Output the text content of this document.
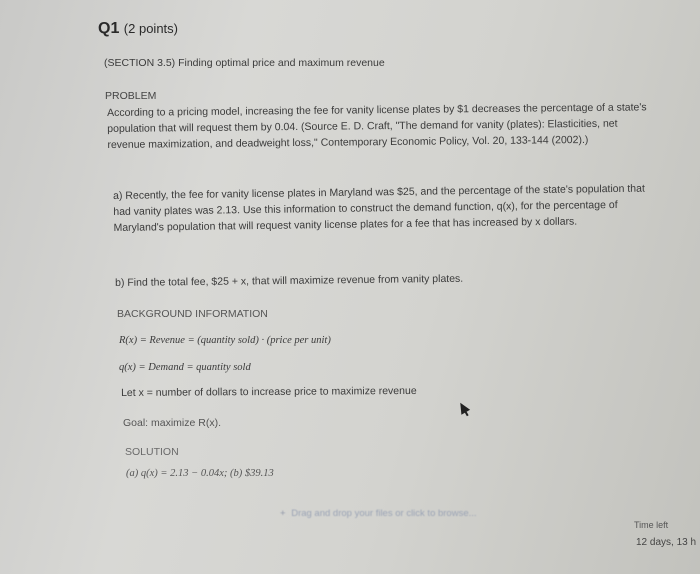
Q1 (2 points)
(SECTION 3.5) Finding optimal price and maximum revenue
PROBLEM
According to a pricing model, increasing the fee for vanity license plates by $1 decreases the percentage of a state's population that will request them by 0.04. (Source E. D. Craft, "The demand for vanity (plates): Elasticities, net revenue maximization, and deadweight loss," Contemporary Economic Policy, Vol. 20, 133-144 (2002).)
a) Recently, the fee for vanity license plates in Maryland was $25, and the percentage of the state's population that had vanity plates was 2.13. Use this information to construct the demand function, q(x), for the percentage of Maryland's population that will request vanity license plates for a fee that has increased by x dollars.
b) Find the total fee, $25 + x, that will maximize revenue from vanity plates.
BACKGROUND INFORMATION
R(x) = Revenue = (quantity sold) · (price per unit)
q(x) = Demand = quantity sold
Let x = number of dollars to increase price to maximize revenue
Goal: maximize R(x).
SOLUTION
(a) q(x) = 2.13 − 0.04x; (b) $39.13
+ Drag and drop your files or click to browse...
Time left
12 days, 13 h
